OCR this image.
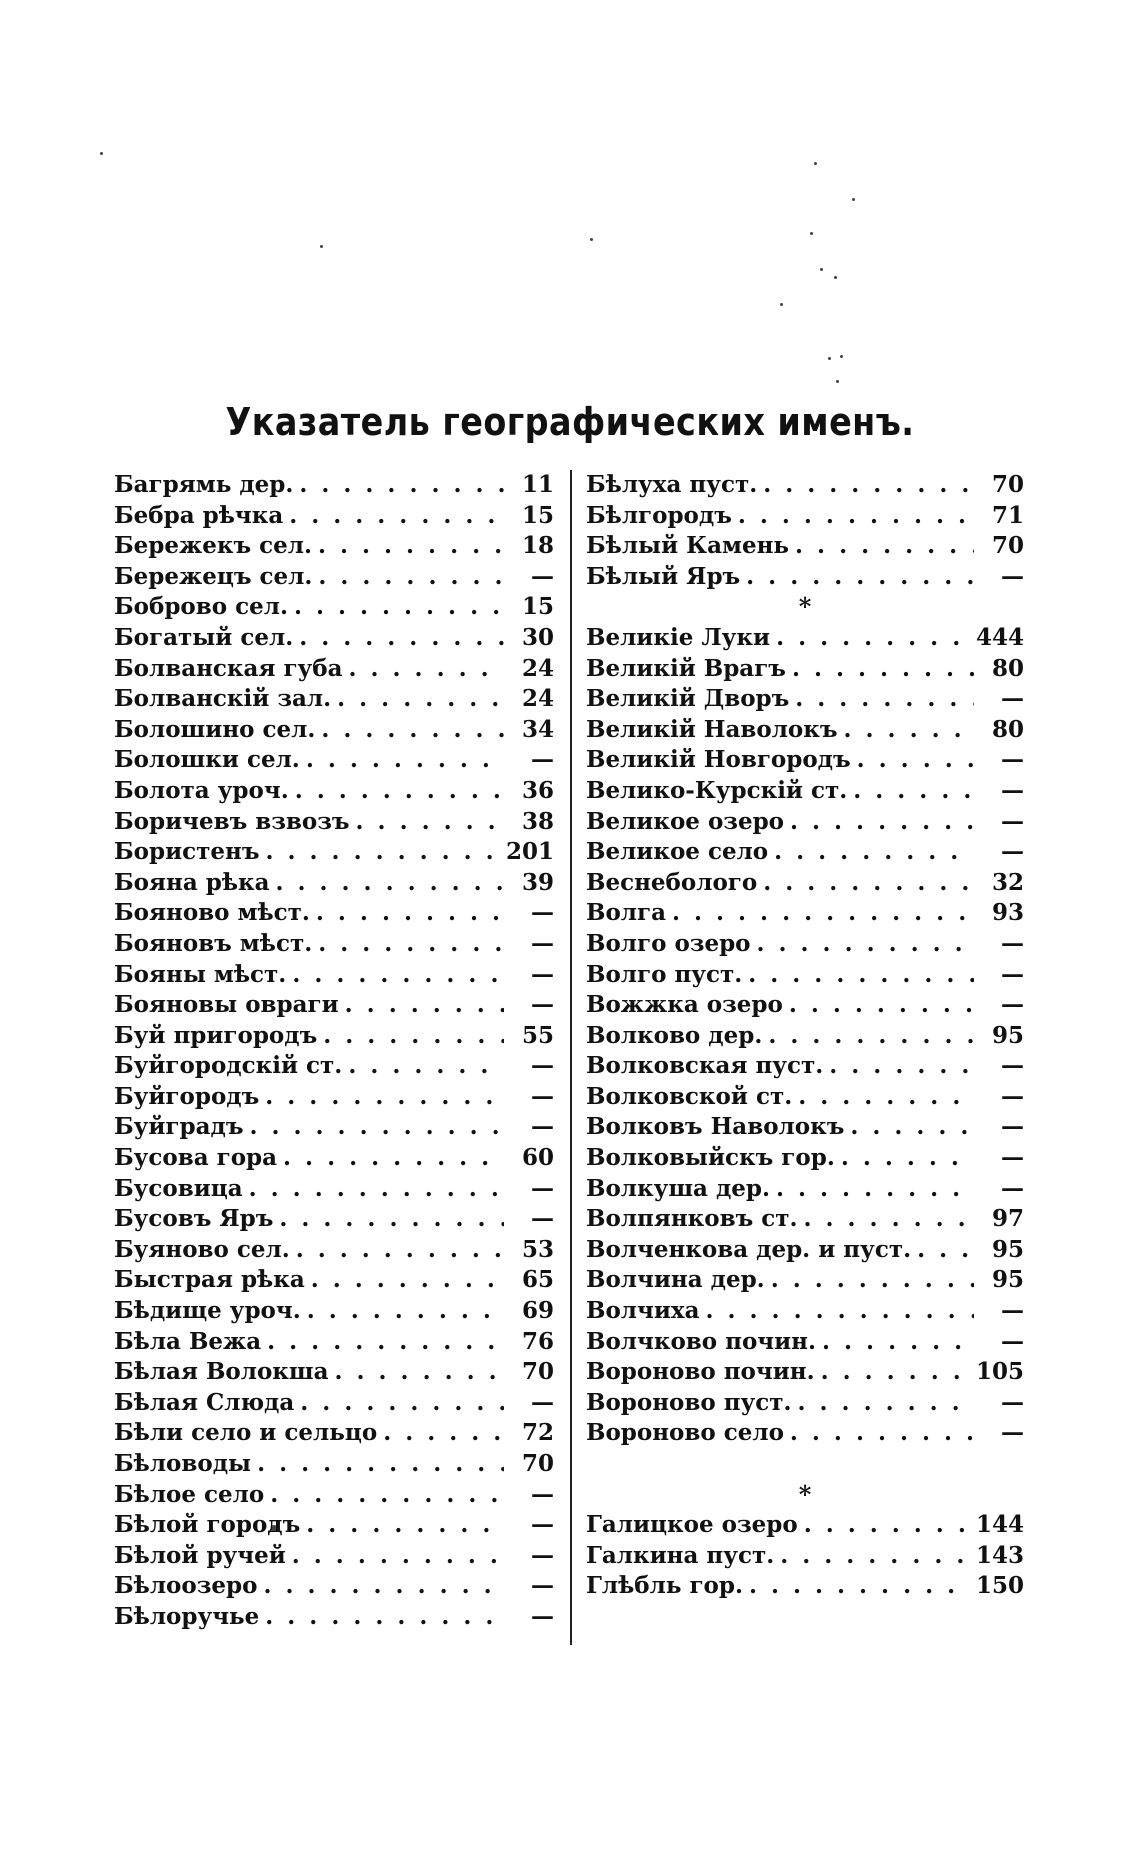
Указатель географических именъ.
Багрямь дер. . . .	11
Бебра рѣчка . . .	15
Бережекъ сел. . . .	18
Бережецъ сел. . . .	—
Боброво сел. . . .	15
Богатый сел. . . .	30
Болванская губа . . .	24
Болванскій зал. . . .	24
Болошино сел. . . .	34
Болошки сел. . . .	—
Болота уроч. . . .	36
Боричевъ взвозъ . . .	38
Бористенъ . . .	201
Бояна рѣка . . .	39
Бояново мѣст. . . .	—
Бояновъ мѣст. . . .	—
Бояны мѣст. . . .	—
Бояновы овраги . . .	—
Буй пригородъ . . .	55
Буйгородскій ст. . . .	—
Буйгородъ . . .	—
Буйградъ . . .	—
Бусова гора . . .	60
Бусовица . . .	—
Бусовъ Яръ . . .	—
Буяново сел. . . .	53
Быстрая рѣка . . .	65
Бѣдище уроч. . . .	69
Бѣла Вежа . . .	76
Бѣлая Волокша . . .	70
Бѣлая Слюда . . .	—
Бѣли село и сельцо . . .	72
Бѣловоды . . .	70
Бѣлое село . . .	—
Бѣлой городъ . . .	—
Бѣлой ручей . . .	—
Бѣлоозеро . . .	—
Бѣлоручье . . .	—
Бѣлуха пуст. . . .	70
Бѣлгородъ . . .	71
Бѣлый Камень . . .	70
Бѣлый Яръ . . .	—
*
Великіе Луки . . .	444
Великій Врагъ . . .	80
Великій Дворъ . . .	—
Великій Наволокъ . . .	80
Великій Новгородъ . . .	—
Велико-Курскій ст. . . .	—
Великое озеро . . .	—
Великое село . . .	—
Веснеболого . . .	32
Волга . . .	93
Волго озеро . . .	—
Волго пуст. . . .	—
Вожжка озеро . . .	—
Волково дер. . . .	95
Волковская пуст. . . .	—
Волковской ст. . . .	—
Волковъ Наволокъ . . .	—
Волковыйскъ гор. . . .	—
Волкуша дер. . . .	—
Волпянковъ ст. . . .	97
Волченкова дер. и пуст. . . .	95
Волчина дер. . . .	95
Волчиха . . .	—
Волчково почин. . . .	—
Вороново почин. . . .	105
Вороново пуст. . . .	—
Вороново село . . .	—
*
Галицкое озеро . . .	144
Галкина пуст. . . .	143
Глѣбль гор. . . .	150
